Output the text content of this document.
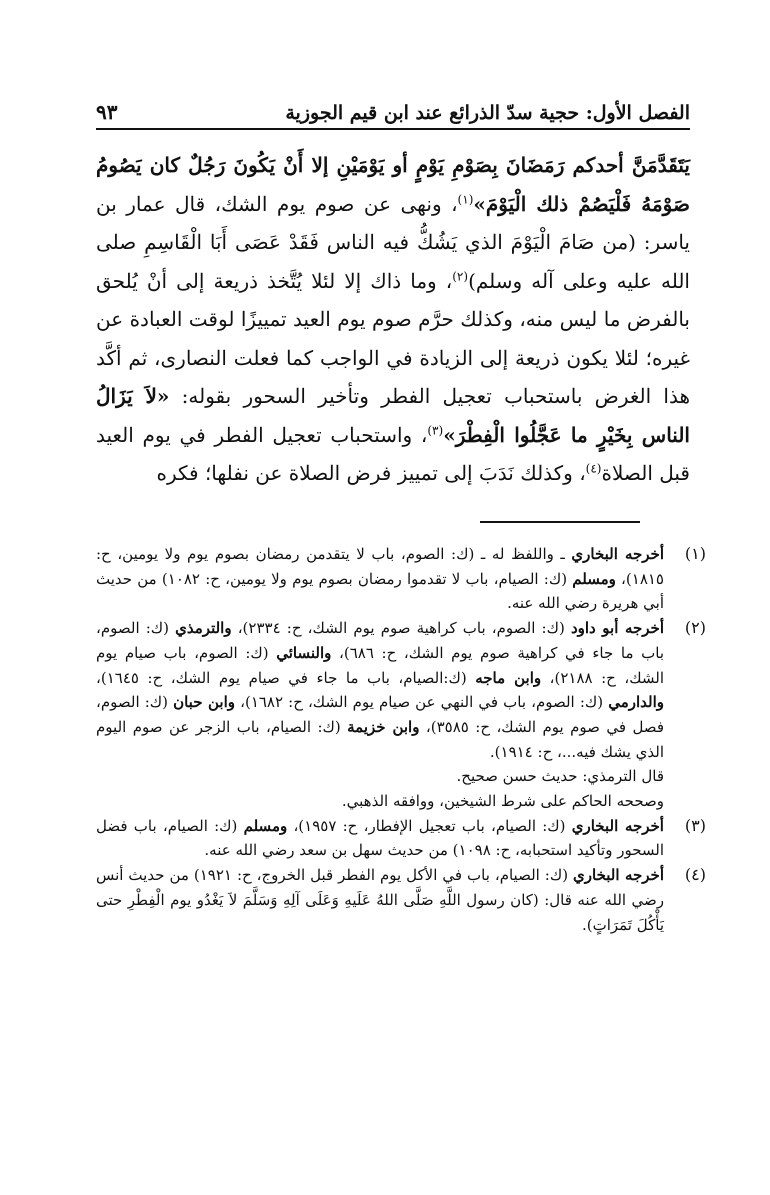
الفصل الأول: حجية سدّ الذرائع عند ابن قيم الجوزية
٩٣
يَتَقَدَّمَنَّ أحدكم رَمَضَانَ بِصَوْمِ يَوْمٍ أو يَوْمَيْنِ إلا أَنْ يَكُونَ رَجُلٌ كان يَصُومُ صَوْمَهُ فَلْيَصُمْ ذلك الْيَوْمَ»$^{(١)}$، ونهى عن صوم يوم الشك، قال عمار بن ياسر: (من صَامَ الْيَوْمَ الذي يَشُكُّ فيه الناس فَقَدْ عَصَى أَبَا الْقَاسِمِ صلى الله عليه وعلى آله وسلم)$^{(٢)}$، وما ذاك إلا لئلا يُتَّخذ ذريعة إلى أنْ يُلحق بالفرض ما ليس منه، وكذلك حرَّم صوم يوم العيد تمييزًا لوقت العبادة عن غيره؛ لئلا يكون ذريعة إلى الزيادة في الواجب كما فعلت النصارى، ثم أكَّد هذا الغرض باستحباب تعجيل الفطر وتأخير السحور بقوله: «لاَ يَزَالُ الناس بِخَيْرٍ ما عَجَّلُوا الْفِطْرَ»$^{(٣)}$، واستحباب تعجيل الفطر في يوم العيد قبل الصلاة$^{(٤)}$، وكذلك نَدَبَ إلى تمييز فرض الصلاة عن نفلها؛ فكره
(١)
أخرجه البخاري ـ واللفظ له ـ (ك: الصوم، باب لا يتقدمن رمضان بصوم يوم ولا يومين، ح: ١٨١٥)، ومسلم (ك: الصيام، باب لا تقدموا رمضان بصوم يوم ولا يومين، ح: ١٠٨٢) من حديث أبي هريرة رضي الله عنه.
(٢)
أخرجه أبو داود (ك: الصوم، باب كراهية صوم يوم الشك، ح: ٢٣٣٤)، والترمذي (ك: الصوم، باب ما جاء في كراهية صوم يوم الشك، ح: ٦٨٦)، والنسائي (ك: الصوم، باب صيام يوم الشك، ح: ٢١٨٨)، وابن ماجه (ك:الصيام، باب ما جاء في صيام يوم الشك، ح: ١٦٤٥)، والدارمي (ك: الصوم، باب في النهي عن صيام يوم الشك، ح: ١٦٨٢)، وابن حبان (ك: الصوم، فصل في صوم يوم الشك، ح: ٣٥٨٥)، وابن خزيمة (ك: الصيام، باب الزجر عن صوم اليوم الذي يشك فيه...، ح: ١٩١٤).
قال الترمذي: حديث حسن صحيح.
وصححه الحاكم على شرط الشيخين، ووافقه الذهبي.
(٣)
أخرجه البخاري (ك: الصيام، باب تعجيل الإفطار، ح: ١٩٥٧)، ومسلم (ك: الصيام، باب فضل السحور وتأكيد استحبابه، ح: ١٠٩٨) من حديث سهل بن سعد رضي الله عنه.
(٤)
أخرجه البخاري (ك: الصيام، باب في الأكل يوم الفطر قبل الخروج، ح: ١٩٢١) من حديث أنس رضي الله عنه قال: (كان رسول اللَّهِ صَلَّى اللهُ عَلَيهِ وَعَلَى آلِهِ وَسَلَّمَ لاَ يَغْدُو يوم الْفِطْرِ حتى يَأْكُلَ تَمَرَاتٍ).
